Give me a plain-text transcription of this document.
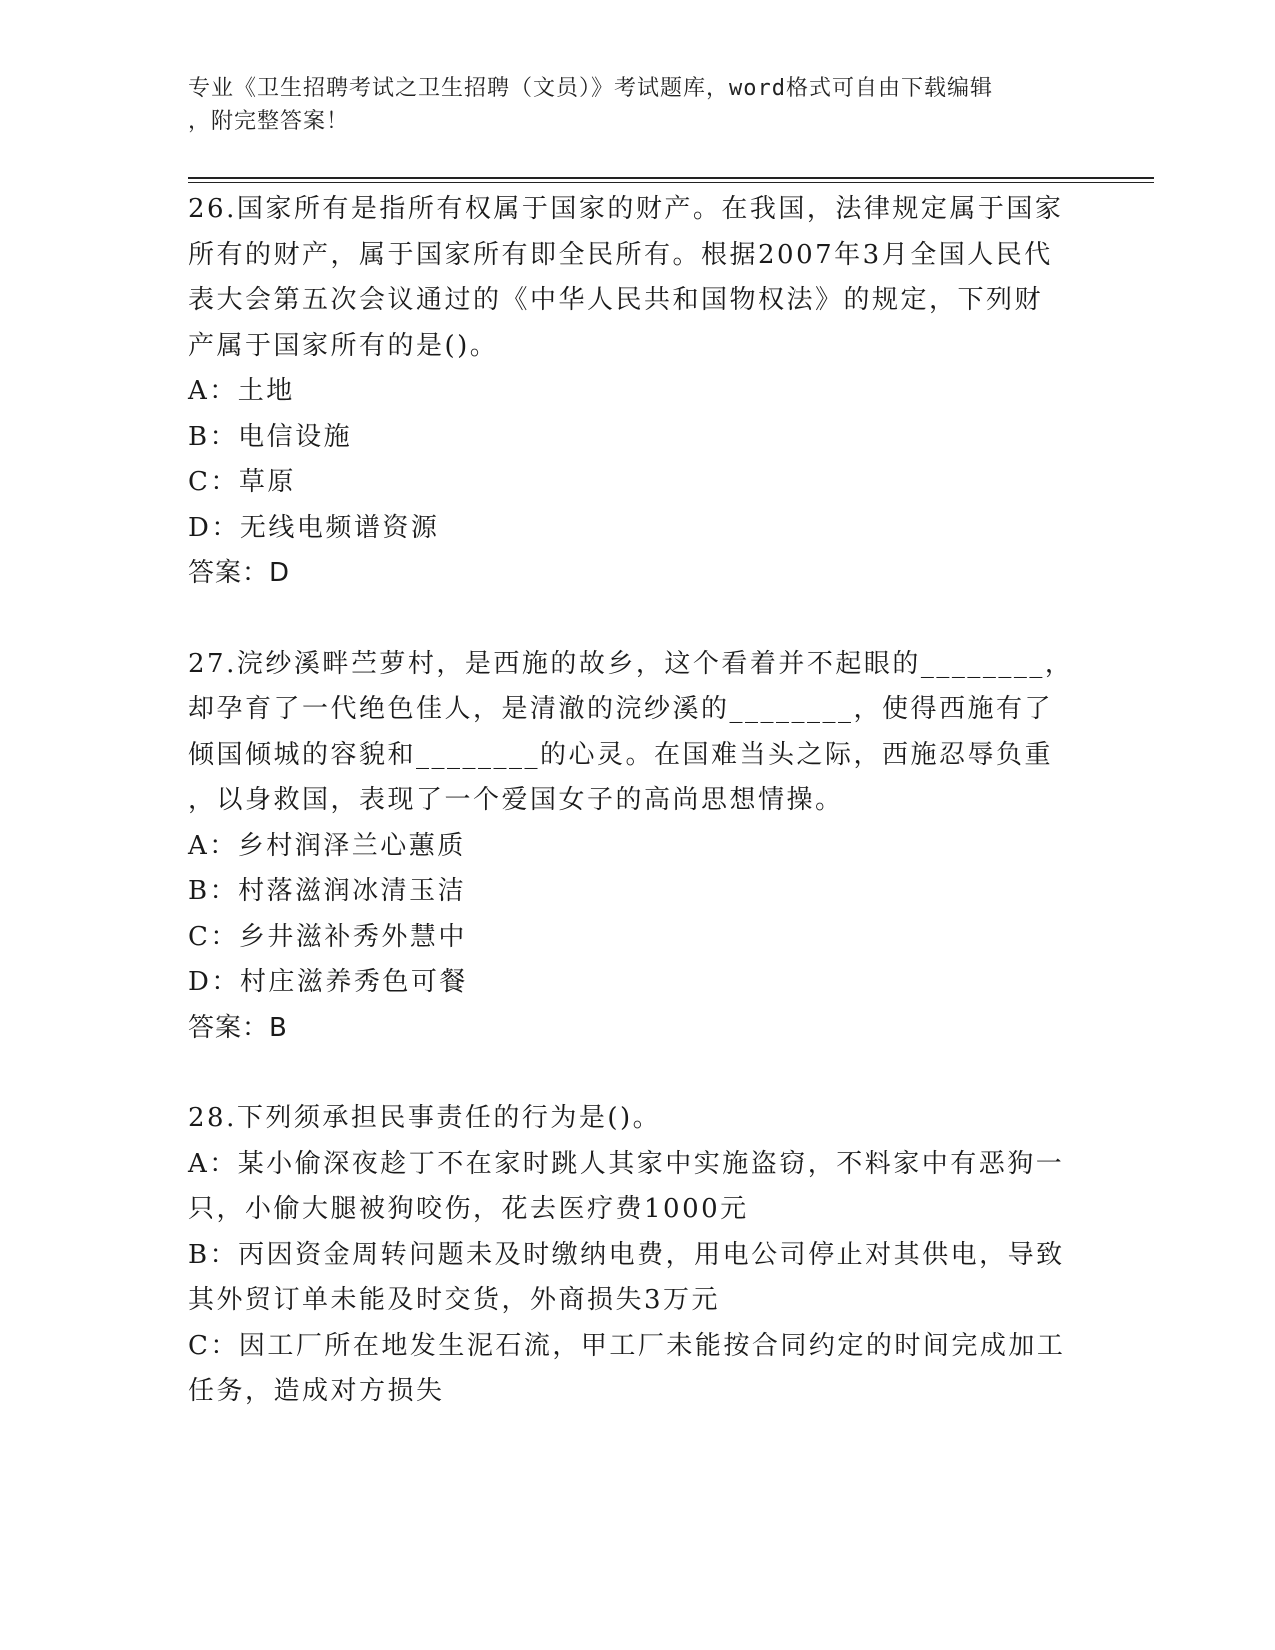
专业《卫生招聘考试之卫生招聘（文员）》考试题库，word格式可自由下载编辑
，附完整答案！

26.国家所有是指所有权属于国家的财产。在我国，法律规定属于国家

所有的财产，属于国家所有即全民所有。根据2007年3月全国人民代

表大会第五次会议通过的《中华人民共和国物权法》的规定，下列财

产属于国家所有的是()。

A：土地

B：电信设施

C：草原

D：无线电频谱资源

答案：D

27.浣纱溪畔苎萝村，是西施的故乡，这个看着并不起眼的________，

却孕育了一代绝色佳人，是清澈的浣纱溪的________，使得西施有了

倾国倾城的容貌和________的心灵。在国难当头之际，西施忍辱负重

，以身救国，表现了一个爱国女子的高尚思想情操。

A：乡村润泽兰心蕙质

B：村落滋润冰清玉洁

C：乡井滋补秀外慧中

D：村庄滋养秀色可餐

答案：B

28.下列须承担民事责任的行为是()。

A：某小偷深夜趁丁不在家时跳人其家中实施盗窃，不料家中有恶狗一

只，小偷大腿被狗咬伤，花去医疗费1000元

B：丙因资金周转问题未及时缴纳电费，用电公司停止对其供电，导致

其外贸订单未能及时交货，外商损失3万元

C：因工厂所在地发生泥石流，甲工厂未能按合同约定的时间完成加工

任务，造成对方损失
